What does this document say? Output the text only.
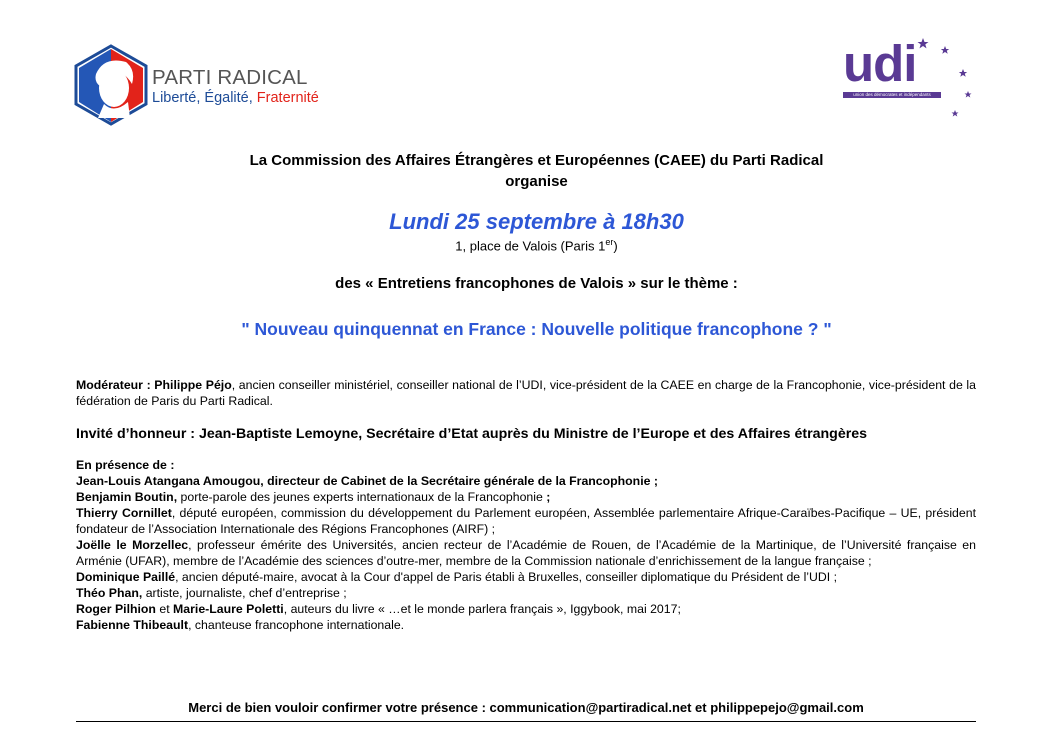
PARTI RADICAL
Liberté, Égalité, Fraternité
udi
union des démocrates et indépendants
La Commission des Affaires Étrangères et Européennes (CAEE) du Parti Radical
organise
Lundi 25 septembre à 18h30
1, place de Valois (Paris 1er)
des « Entretiens francophones de Valois » sur le thème :
" Nouveau quinquennat en France : Nouvelle politique francophone ? "

Modérateur : Philippe Péjo, ancien conseiller ministériel, conseiller national de l’UDI, vice-président de la CAEE en charge de la Francophonie, vice-président de la fédération de Paris du Parti Radical.

Invité d’honneur : Jean-Baptiste Lemoyne, Secrétaire d’Etat auprès du Ministre de l’Europe et des Affaires étrangères

En présence de :

Jean-Louis Atangana Amougou, directeur de Cabinet de la Secrétaire générale de la Francophonie ;

Benjamin Boutin, porte-parole des jeunes experts internationaux de la Francophonie ;

Thierry Cornillet, député européen, commission du développement du Parlement européen, Assemblée parlementaire Afrique-Caraïbes-Pacifique – UE, président fondateur de l’Association Internationale des Régions Francophones (AIRF) ;

Joëlle le Morzellec, professeur émérite des Universités, ancien recteur de l’Académie de Rouen, de l’Académie de la Martinique, de l’Université française en Arménie (UFAR), membre de l’Académie des sciences d’outre-mer, membre de la Commission nationale d’enrichissement de la langue française ;

Dominique Paillé, ancien député-maire, avocat à la Cour d'appel de Paris établi à Bruxelles, conseiller diplomatique du Président de l’UDI ;

Théo Phan, artiste, journaliste, chef d’entreprise ;

Roger Pilhion et Marie-Laure Poletti, auteurs du livre « …et le monde parlera français », Iggybook, mai 2017;

Fabienne Thibeault, chanteuse francophone internationale.

Merci de bien vouloir confirmer votre présence : communication@partiradical.net et philippepejo@gmail.com
